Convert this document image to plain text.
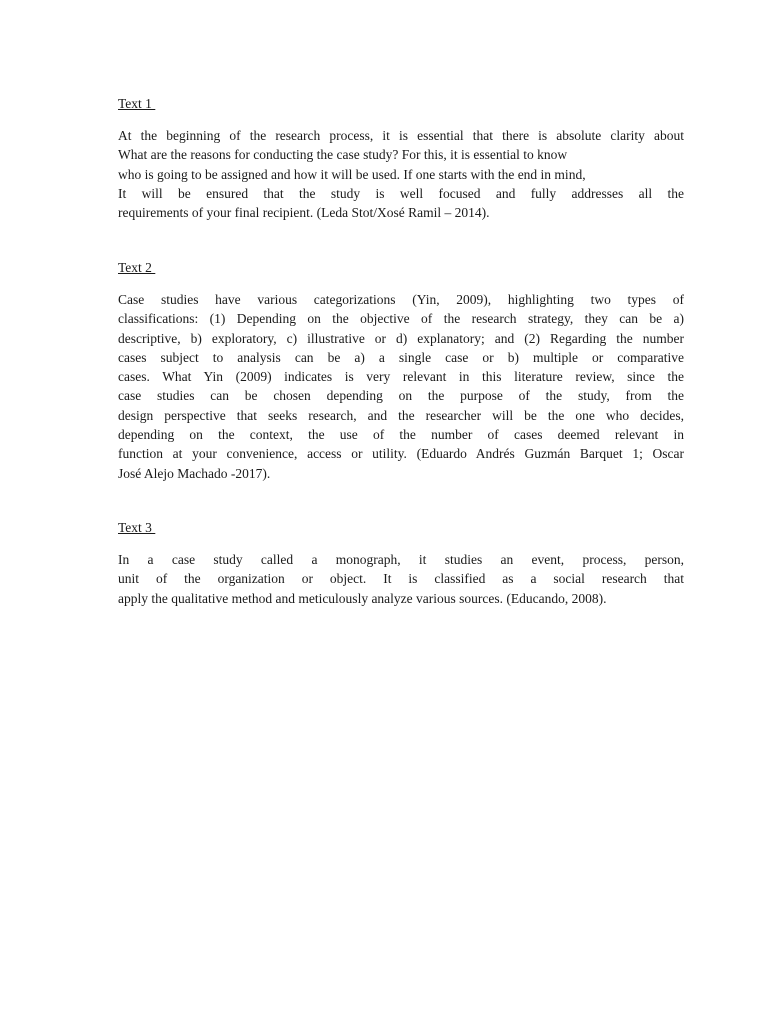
Text 1
At the beginning of the research process, it is essential that there is absolute clarity about
What are the reasons for conducting the case study? For this, it is essential to know
who is going to be assigned and how it will be used. If one starts with the end in mind,
It will be ensured that the study is well focused and fully addresses all the
requirements of your final recipient. (Leda Stot/Xosé Ramil – 2014).
Text 2
Case studies have various categorizations (Yin, 2009), highlighting two types of
classifications: (1) Depending on the objective of the research strategy, they can be a)
descriptive, b) exploratory, c) illustrative or d) explanatory; and (2) Regarding the number
cases subject to analysis can be a) a single case or b) multiple or comparative
cases. What Yin (2009) indicates is very relevant in this literature review, since the
case studies can be chosen depending on the purpose of the study, from the
design perspective that seeks research, and the researcher will be the one who decides,
depending on the context, the use of the number of cases deemed relevant in
function at your convenience, access or utility. (Eduardo Andrés Guzmán Barquet 1; Oscar
José Alejo Machado -2017).
Text 3
In a case study called a monograph, it studies an event, process, person,
unit of the organization or object. It is classified as a social research that
apply the qualitative method and meticulously analyze various sources. (Educando, 2008).
